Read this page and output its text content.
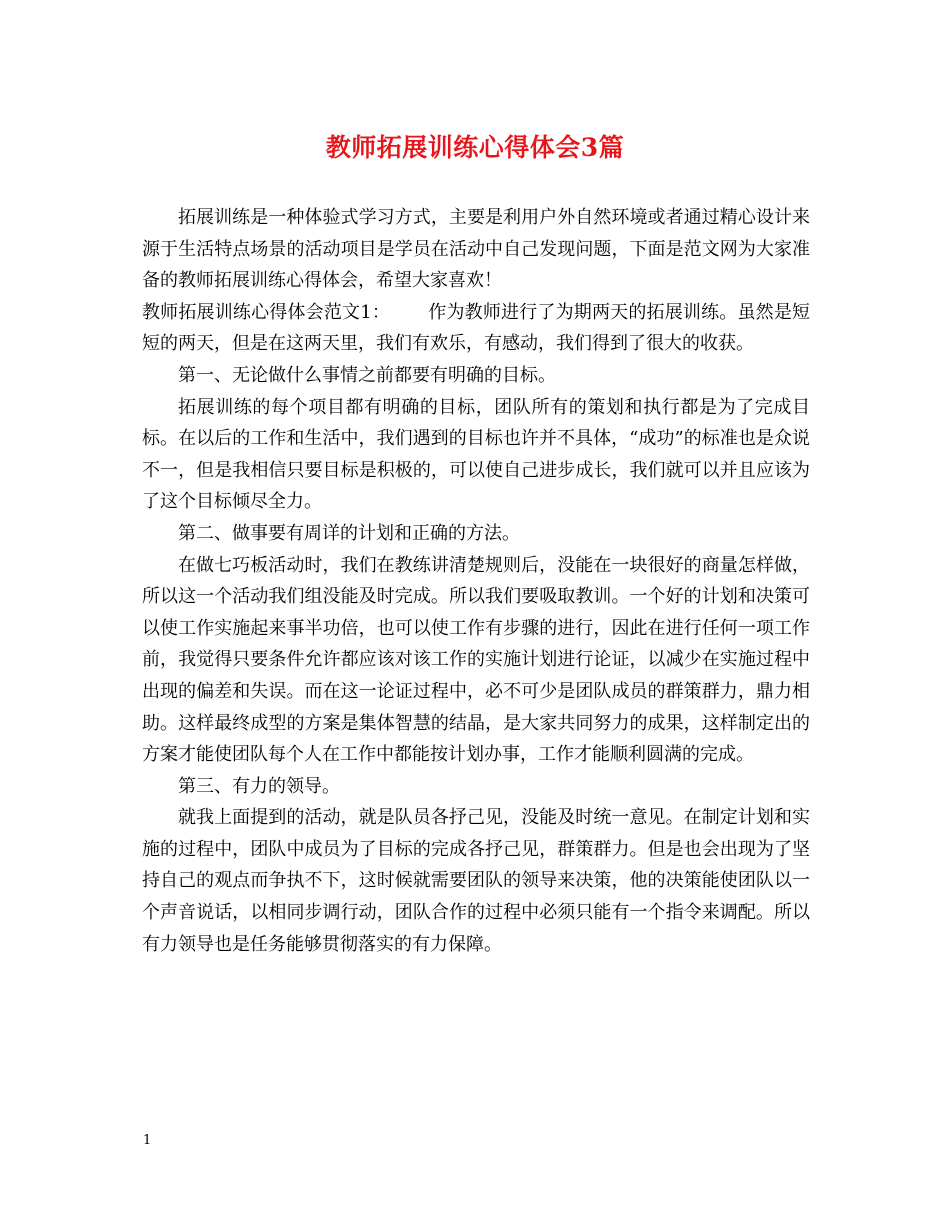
教师拓展训练心得体会3篇

拓展训练是一种体验式学习方式，主要是利用户外自然环境或者通过精心设计来源于生活特点场景的活动项目是学员在活动中自己发现问题，下面是范文网为大家准备的教师拓展训练心得体会，希望大家喜欢！

教师拓展训练心得体会范文1： 作为教师进行了为期两天的拓展训练。虽然是短短的两天，但是在这两天里，我们有欢乐，有感动，我们得到了很大的收获。

第一、无论做什么事情之前都要有明确的目标。

拓展训练的每个项目都有明确的目标，团队所有的策划和执行都是为了完成目标。在以后的工作和生活中，我们遇到的目标也许并不具体，“成功”的标准也是众说不一，但是我相信只要目标是积极的，可以使自己进步成长，我们就可以并且应该为了这个目标倾尽全力。

第二、做事要有周详的计划和正确的方法。

在做七巧板活动时，我们在教练讲清楚规则后，没能在一块很好的商量怎样做，所以这一个活动我们组没能及时完成。所以我们要吸取教训。一个好的计划和决策可以使工作实施起来事半功倍，也可以使工作有步骤的进行，因此在进行任何一项工作前，我觉得只要条件允许都应该对该工作的实施计划进行论证，以减少在实施过程中出现的偏差和失误。而在这一论证过程中，必不可少是团队成员的群策群力，鼎力相助。这样最终成型的方案是集体智慧的结晶，是大家共同努力的成果，这样制定出的方案才能使团队每个人在工作中都能按计划办事，工作才能顺利圆满的完成。

第三、有力的领导。

就我上面提到的活动，就是队员各抒己见，没能及时统一意见。在制定计划和实施的过程中，团队中成员为了目标的完成各抒己见，群策群力。但是也会出现为了坚持自己的观点而争执不下，这时候就需要团队的领导来决策，他的决策能使团队以一个声音说话，以相同步调行动，团队合作的过程中必须只能有一个指令来调配。所以有力领导也是任务能够贯彻落实的有力保障。

1
